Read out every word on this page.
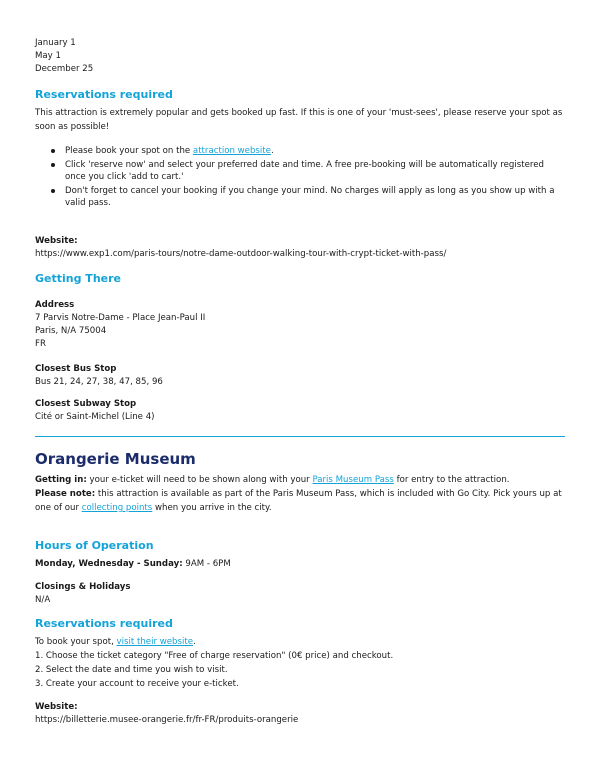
January 1
May 1
December 25
Reservations required
This attraction is extremely popular and gets booked up fast. If this is one of your 'must-sees', please reserve your spot as soon as possible!
Please book your spot on the attraction website.
Click 'reserve now' and select your preferred date and time. A free pre-booking will be automatically registered once you click 'add to cart.'
Don't forget to cancel your booking if you change your mind. No charges will apply as long as you show up with a valid pass.
Website:
https://www.exp1.com/paris-tours/notre-dame-outdoor-walking-tour-with-crypt-ticket-with-pass/
Getting There
Address
7 Parvis Notre-Dame - Place Jean-Paul II
Paris, N/A 75004
FR
Closest Bus Stop
Bus 21, 24, 27, 38, 47, 85, 96
Closest Subway Stop
Cité or Saint-Michel (Line 4)
Orangerie Museum
Getting in: your e-ticket will need to be shown along with your Paris Museum Pass for entry to the attraction.
Please note: this attraction is available as part of the Paris Museum Pass, which is included with Go City. Pick yours up at one of our collecting points when you arrive in the city.
Hours of Operation
Monday, Wednesday - Sunday: 9AM - 6PM
Closings & Holidays
N/A
Reservations required
To book your spot, visit their website.
1. Choose the ticket category "Free of charge reservation" (0€ price) and checkout.
2. Select the date and time you wish to visit.
3. Create your account to receive your e-ticket.
Website:
https://billetterie.musee-orangerie.fr/fr-FR/produits-orangerie
